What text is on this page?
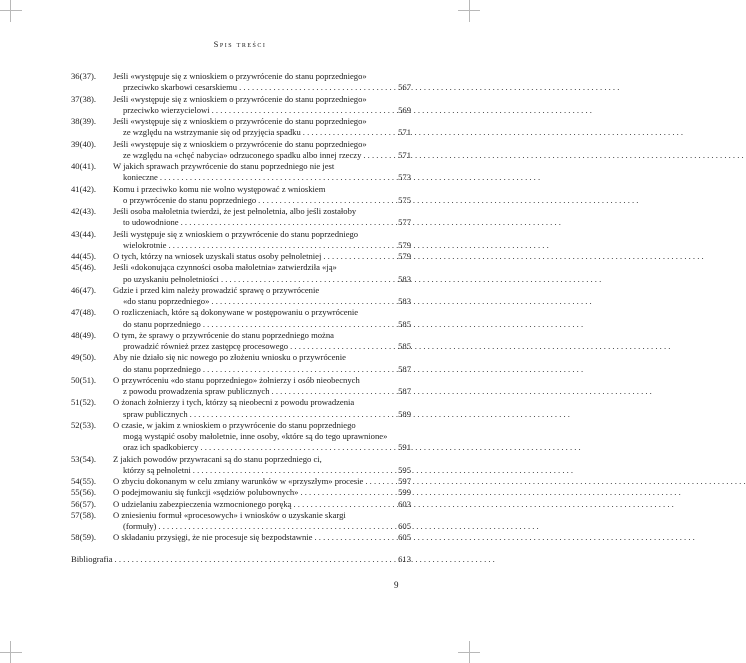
Spis treści
36(37). Jeśli «występuje się z wnioskiem o przywrócenie do stanu poprzedniego»
przeciwko skarbowi cesarskiemu . . .	567
37(38). Jeśli «występuje się z wnioskiem o przywrócenie do stanu poprzedniego»
przeciwko wierzycielowi . . .	569
38(39). Jeśli «występuje się z wnioskiem o przywrócenie do stanu poprzedniego»
ze względu na wstrzymanie się od przyjęcia spadku . . .	571
39(40). Jeśli «występuje się z wnioskiem o przywrócenie do stanu poprzedniego»
ze względu na «chęć nabycia» odrzuconego spadku albo innej rzeczy . . .	571
40(41). W jakich sprawach przywrócenie do stanu poprzedniego nie jest
konieczne . . .	573
41(42). Komu i przeciwko komu nie wolno występować z wnioskiem
o przywrócenie do stanu poprzedniego . . .	575
42(43). Jeśli osoba małoletnia twierdzi, że jest pełnoletnia, albo jeśli zostałoby
to udowodnione . . .	577
43(44). Jeśli występuje się z wnioskiem o przywrócenie do stanu poprzedniego
wielokrotnie . . .	579
44(45). O tych, którzy na wniosek uzyskali status osoby pełnoletniej . . .	579
45(46). Jeśli «dokonująca czynności osoba małoletnia» zatwierdziła «ją»
po uzyskaniu pełnoletniości . . .	583
46(47). Gdzie i przed kim należy prowadzić sprawę o przywrócenie
«do stanu poprzedniego» . . .	583
47(48). O rozliczeniach, które są dokonywane w postępowaniu o przywrócenie
do stanu poprzedniego . . .	585
48(49). O tym, że sprawy o przywrócenie do stanu poprzedniego można
prowadzić również przez zastępcę procesowego . . .	585
49(50). Aby nie działo się nic nowego po złożeniu wniosku o przywrócenie
do stanu poprzedniego . . .	587
50(51). O przywróceniu «do stanu poprzedniego» żołnierzy i osób nieobecnych
z powodu prowadzenia spraw publicznych . . .	587
51(52). O żonach żołnierzy i tych, którzy są nieobecni z powodu prowadzenia
spraw publicznych . . .	589
52(53). O czasie, w jakim z wnioskiem o przywrócenie do stanu poprzedniego
mogą wystąpić osoby małoletnie, inne osoby, «które są do tego uprawnione»
oraz ich spadkobiercy . . .	591
53(54). Z jakich powodów przywracani są do stanu poprzedniego ci,
którzy są pełnoletni . . .	595
54(55). O zbyciu dokonanym w celu zmiany warunków w «przyszłym» procesie . . .	597
55(56). O podejmowaniu się funkcji «sędziów polubownych» . . .	599
56(57). O udzielaniu zabezpieczenia wzmocnionego poręką . . .	603
57(58). O zniesieniu formuł «procesowych» i wniosków o uzyskanie skargi
(formuły) . . .	605
58(59). O składaniu przysięgi, że nie procesuje się bezpodstawnie . . .	605
Bibliografia . . .	613
9
